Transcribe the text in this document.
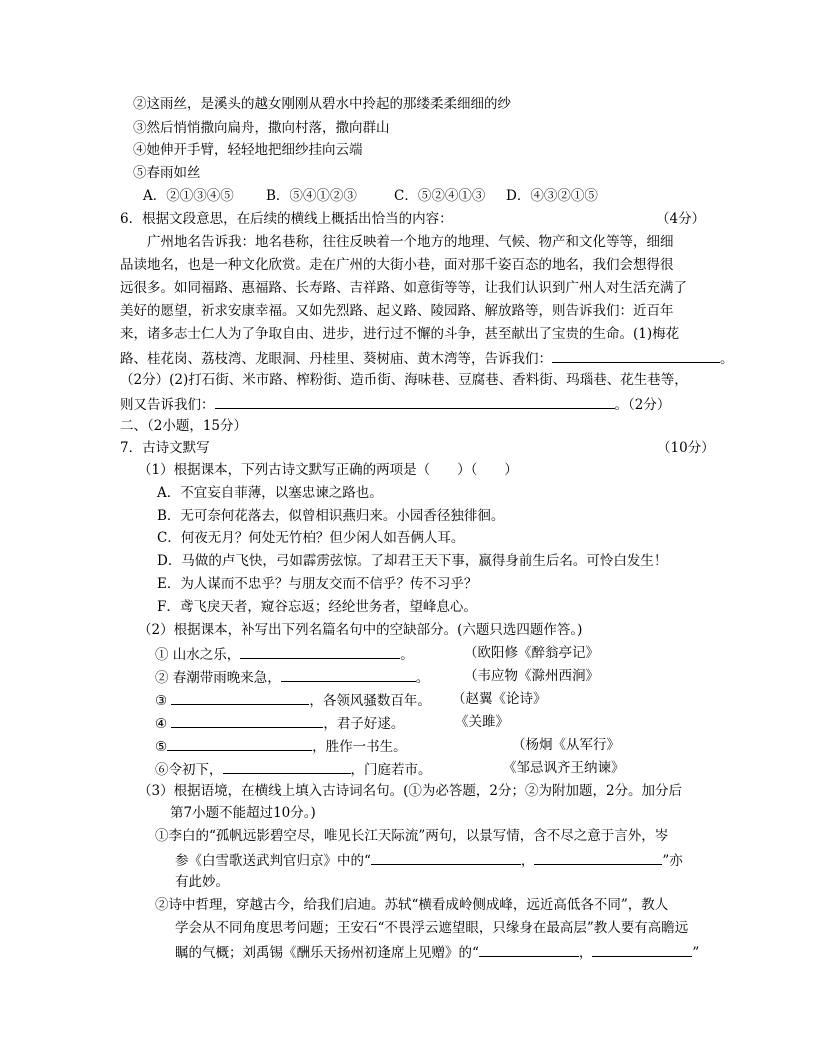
②这雨丝，是溪头的越女刚刚从碧水中拎起的那缕柔柔细细的纱
③然后悄悄撒向扁舟，撒向村落，撒向群山
④她伸开手臂，轻轻地把细纱挂向云端
⑤春雨如丝
A．②①③④⑤ B．⑤④①②③	C．⑤②④①③ D．④③②①⑤
6．根据文段意思，在后续的横线上概括出恰当的内容：	（4分）
广州地名告诉我：地名巷称，往往反映着一个地方的地理、气候、物产和文化等等，细细
品读地名，也是一种文化欣赏。走在广州的大街小巷，面对那千姿百态的地名，我们会想得很
远很多。如同福路、惠福路、长寿路、吉祥路、如意街等等，让我们认识到广州人对生活充满了
美好的愿望，祈求安康幸福。又如先烈路、起义路、陵园路、解放路等，则告诉我们：近百年
来，诸多志士仁人为了争取自由、进步，进行过不懈的斗争，甚至献出了宝贵的生命。(1)梅花
路、桂花岗、荔枝湾、龙眼洞、丹桂里、葵树庙、黄木湾等，告诉我们：	。
（2分）(2)打石街、米市路、榨粉街、造币街、海味巷、豆腐巷、香料街、玛瑙巷、花生巷等，
则又告诉我们：	。（2分）
二、（2小题，15分）
7．古诗文默写	（10分）
（1）根据课本，下列古诗文默写正确的两项是（　　）（　　）
A．不宜妄自菲薄，以塞忠谏之路也。
B．无可奈何花落去，似曾相识燕归来。小园香径独徘徊。
C．何夜无月？何处无竹柏？但少闲人如吾俩人耳。
D．马做的卢飞快，弓如霹雳弦惊。了却君王天下事，嬴得身前生后名。可怜白发生！
E．为人谋而不忠乎？与朋友交而不信乎？传不习乎？
F．鸢飞戾天者，窥谷忘返；经纶世务者，望峰息心。
（2）根据课本，补写出下列名篇名句中的空缺部分。(六题只选四题作答。)
① 山水之乐，	。	（欧阳修《醉翁亭记》
② 春潮带雨晚来急，	。	（韦应物《滁州西涧》
③	，各领风骚数百年。 （赵翼《论诗》
④	，君子好逑。	《关雎》
⑤	，胜作一书生。	（杨炯《从军行》
⑥令初下，	，门庭若市。	《邹忌讽齐王纳谏》
（3）根据语境，在横线上填入古诗词名句。(①为必答题，2分；②为附加题，2分。加分后
第7小题不能超过10分。)
①李白的“孤帆远影碧空尽，唯见长江天际流”两句，以景写情，含不尽之意于言外，岑
参《白雪歌送武判官归京》中的“	，	”亦
有此妙。
②诗中哲理，穿越古今，给我们启迪。苏轼“横看成岭侧成峰，远近高低各不同”，教人
学会从不同角度思考问题；王安石“不畏浮云遮望眼，只缘身在最高层”教人要有高瞻远
瞩的气概；刘禹锡《酬乐天扬州初逢席上见赠》的“	，	”
